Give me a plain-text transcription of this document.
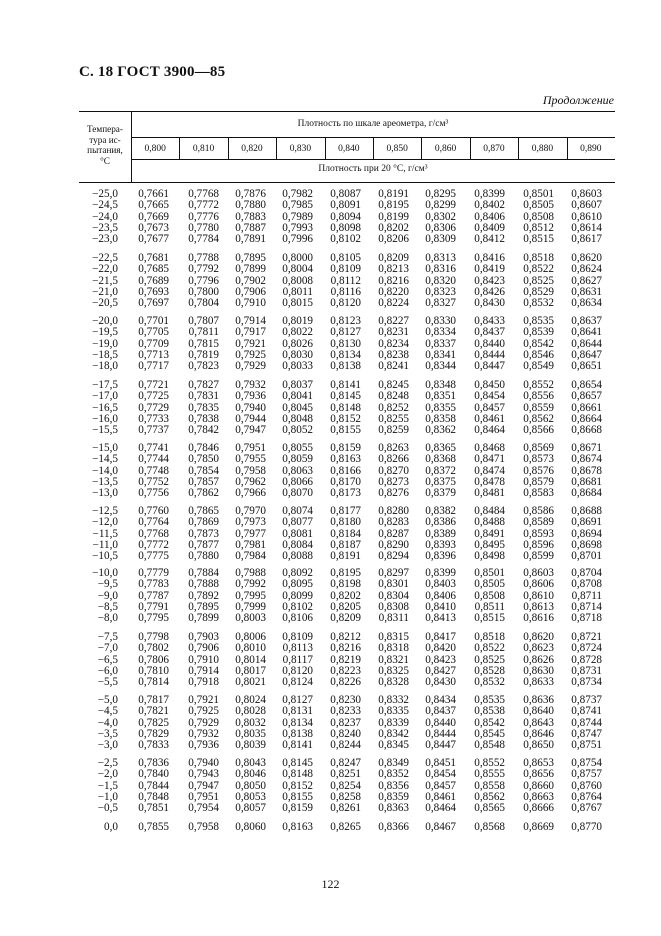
С. 18 ГОСТ 3900—85
Продолжение
Темпера-
тура ис-
пытания,
°С
Плотность по шкале ареометра, г/см³
Плотность при 20 °С, г/см³
0,800	0,810	0,820	0,830	0,840	0,850	0,860	0,870	0,880	0,890
−25,0 0,7661 0,7768 0,7876 0,7982 0,8087 0,8191 0,8295 0,8399 0,8501 0,8603
−24,5 0,7665 0,7772 0,7880 0,7985 0,8091 0,8195 0,8299 0,8402 0,8505 0,8607
−24,0 0,7669 0,7776 0,7883 0,7989 0,8094 0,8199 0,8302 0,8406 0,8508 0,8610
−23,5 0,7673 0,7780 0,7887 0,7993 0,8098 0,8202 0,8306 0,8409 0,8512 0,8614
−23,0 0,7677 0,7784 0,7891 0,7996 0,8102 0,8206 0,8309 0,8412 0,8515 0,8617
−22,5 0,7681 0,7788 0,7895 0,8000 0,8105 0,8209 0,8313 0,8416 0,8518 0,8620
−22,0 0,7685 0,7792 0,7899 0,8004 0,8109 0,8213 0,8316 0,8419 0,8522 0,8624
−21,5 0,7689 0,7796 0,7902 0,8008 0,8112 0,8216 0,8320 0,8423 0,8525 0,8627
−21,0 0,7693 0,7800 0,7906 0,8011 0,8116 0,8220 0,8323 0,8426 0,8529 0,8631
−20,5 0,7697 0,7804 0,7910 0,8015 0,8120 0,8224 0,8327 0,8430 0,8532 0,8634
−20,0 0,7701 0,7807 0,7914 0,8019 0,8123 0,8227 0,8330 0,8433 0,8535 0,8637
−19,5 0,7705 0,7811 0,7917 0,8022 0,8127 0,8231 0,8334 0,8437 0,8539 0,8641
−19,0 0,7709 0,7815 0,7921 0,8026 0,8130 0,8234 0,8337 0,8440 0,8542 0,8644
−18,5 0,7713 0,7819 0,7925 0,8030 0,8134 0,8238 0,8341 0,8444 0,8546 0,8647
−18,0 0,7717 0,7823 0,7929 0,8033 0,8138 0,8241 0,8344 0,8447 0,8549 0,8651
−17,5 0,7721 0,7827 0,7932 0,8037 0,8141 0,8245 0,8348 0,8450 0,8552 0,8654
−17,0 0,7725 0,7831 0,7936 0,8041 0,8145 0,8248 0,8351 0,8454 0,8556 0,8657
−16,5 0,7729 0,7835 0,7940 0,8045 0,8148 0,8252 0,8355 0,8457 0,8559 0,8661
−16,0 0,7733 0,7838 0,7944 0,8048 0,8152 0,8255 0,8358 0,8461 0,8562 0,8664
−15,5 0,7737 0,7842 0,7947 0,8052 0,8155 0,8259 0,8362 0,8464 0,8566 0,8668
−15,0 0,7741 0,7846 0,7951 0,8055 0,8159 0,8263 0,8365 0,8468 0,8569 0,8671
−14,5 0,7744 0,7850 0,7955 0,8059 0,8163 0,8266 0,8368 0,8471 0,8573 0,8674
−14,0 0,7748 0,7854 0,7958 0,8063 0,8166 0,8270 0,8372 0,8474 0,8576 0,8678
−13,5 0,7752 0,7857 0,7962 0,8066 0,8170 0,8273 0,8375 0,8478 0,8579 0,8681
−13,0 0,7756 0,7862 0,7966 0,8070 0,8173 0,8276 0,8379 0,8481 0,8583 0,8684
−12,5 0,7760 0,7865 0,7970 0,8074 0,8177 0,8280 0,8382 0,8484 0,8586 0,8688
−12,0 0,7764 0,7869 0,7973 0,8077 0,8180 0,8283 0,8386 0,8488 0,8589 0,8691
−11,5 0,7768 0,7873 0,7977 0,8081 0,8184 0,8287 0,8389 0,8491 0,8593 0,8694
−11,0 0,7772 0,7877 0,7981 0,8084 0,8187 0,8290 0,8393 0,8495 0,8596 0,8698
−10,5 0,7775 0,7880 0,7984 0,8088 0,8191 0,8294 0,8396 0,8498 0,8599 0,8701
−10,0 0,7779 0,7884 0,7988 0,8092 0,8195 0,8297 0,8399 0,8501 0,8603 0,8704
−9,5 0,7783 0,7888 0,7992 0,8095 0,8198 0,8301 0,8403 0,8505 0,8606 0,8708
−9,0 0,7787 0,7892 0,7995 0,8099 0,8202 0,8304 0,8406 0,8508 0,8610 0,8711
−8,5 0,7791 0,7895 0,7999 0,8102 0,8205 0,8308 0,8410 0,8511 0,8613 0,8714
−8,0 0,7795 0,7899 0,8003 0,8106 0,8209 0,8311 0,8413 0,8515 0,8616 0,8718
−7,5 0,7798 0,7903 0,8006 0,8109 0,8212 0,8315 0,8417 0,8518 0,8620 0,8721
−7,0 0,7802 0,7906 0,8010 0,8113 0,8216 0,8318 0,8420 0,8522 0,8623 0,8724
−6,5 0,7806 0,7910 0,8014 0,8117 0,8219 0,8321 0,8423 0,8525 0,8626 0,8728
−6,0 0,7810 0,7914 0,8017 0,8120 0,8223 0,8325 0,8427 0,8528 0,8630 0,8731
−5,5 0,7814 0,7918 0,8021 0,8124 0,8226 0,8328 0,8430 0,8532 0,8633 0,8734
−5,0 0,7817 0,7921 0,8024 0,8127 0,8230 0,8332 0,8434 0,8535 0,8636 0,8737
−4,5 0,7821 0,7925 0,8028 0,8131 0,8233 0,8335 0,8437 0,8538 0,8640 0,8741
−4,0 0,7825 0,7929 0,8032 0,8134 0,8237 0,8339 0,8440 0,8542 0,8643 0,8744
−3,5 0,7829 0,7932 0,8035 0,8138 0,8240 0,8342 0,8444 0,8545 0,8646 0,8747
−3,0 0,7833 0,7936 0,8039 0,8141 0,8244 0,8345 0,8447 0,8548 0,8650 0,8751
−2,5 0,7836 0,7940 0,8043 0,8145 0,8247 0,8349 0,8451 0,8552 0,8653 0,8754
−2,0 0,7840 0,7943 0,8046 0,8148 0,8251 0,8352 0,8454 0,8555 0,8656 0,8757
−1,5 0,7844 0,7947 0,8050 0,8152 0,8254 0,8356 0,8457 0,8558 0,8660 0,8760
−1,0 0,7848 0,7951 0,8053 0,8155 0,8258 0,8359 0,8461 0,8562 0,8663 0,8764
−0,5 0,7851 0,7954 0,8057 0,8159 0,8261 0,8363 0,8464 0,8565 0,8666 0,8767
0,0 0,7855 0,7958 0,8060 0,8163 0,8265 0,8366 0,8467 0,8568 0,8669 0,8770
122
